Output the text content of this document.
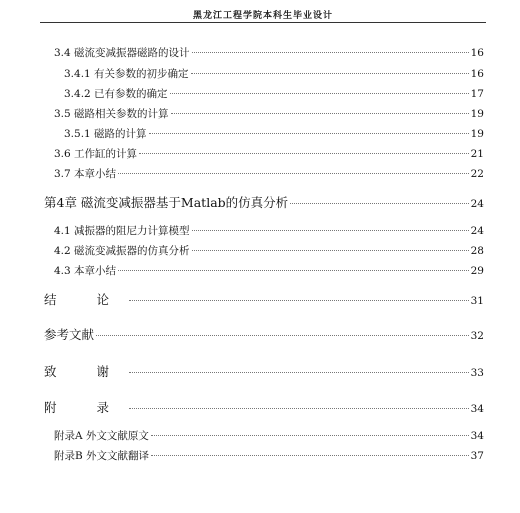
黑龙江工程学院本科生毕业设计
3.4 磁流变减振器磁路的设计	16
3.4.1 有关参数的初步确定	16
3.4.2 已有参数的确定	17
3.5 磁路相关参数的计算	19
3.5.1 磁路的计算	19
3.6 工作缸的计算	21
3.7 本章小结	22
第4章 磁流变减振器基于Matlab的仿真分析	24
4.1 减振器的阻尼力计算模型	24
4.2 磁流变减振器的仿真分析	28
4.3 本章小结	29
结 论	31
参考文献	32
致 谢	33
附 录	34
附录A 外文文献原文	34
附录B 外文文献翻译	37
